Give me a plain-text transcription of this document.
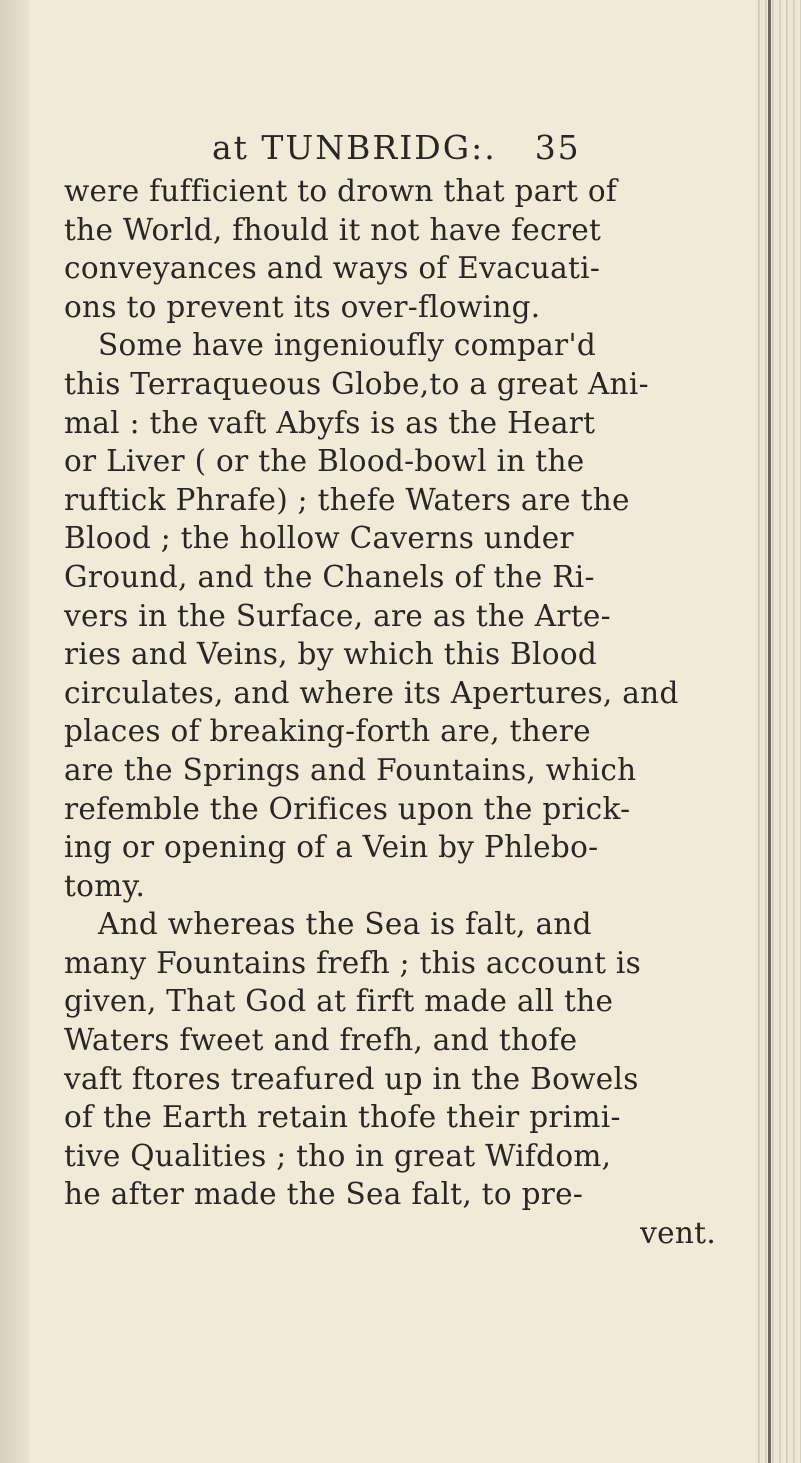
at TUNBRIDG:. 35
were fufficient to drown that part of
the World, fhould it not have fecret
conveyances and ways of Evacuati-
ons to prevent its over-flowing.
Some have ingenioufly compar'd
this Terraqueous Globe,to a great Ani-
mal : the vaft Abyfs is as the Heart
or Liver ( or the Blood-bowl in the
ruftick Phrafe) ; thefe Waters are the
Blood ; the hollow Caverns under
Ground, and the Chanels of the Ri-
vers in the Surface, are as the Arte-
ries and Veins, by which this Blood
circulates, and where its Apertures, and
places of breaking-forth are, there
are the Springs and Fountains, which
refemble the Orifices upon the prick-
ing or opening of a Vein by Phlebo-
tomy.
And whereas the Sea is falt, and
many Fountains frefh ; this account is
given, That God at firft made all the
Waters fweet and frefh, and thofe
vaft ftores treafured up in the Bowels
of the Earth retain thofe their primi-
tive Qualities ; tho in great Wifdom,
he after made the Sea falt, to pre-
vent.
